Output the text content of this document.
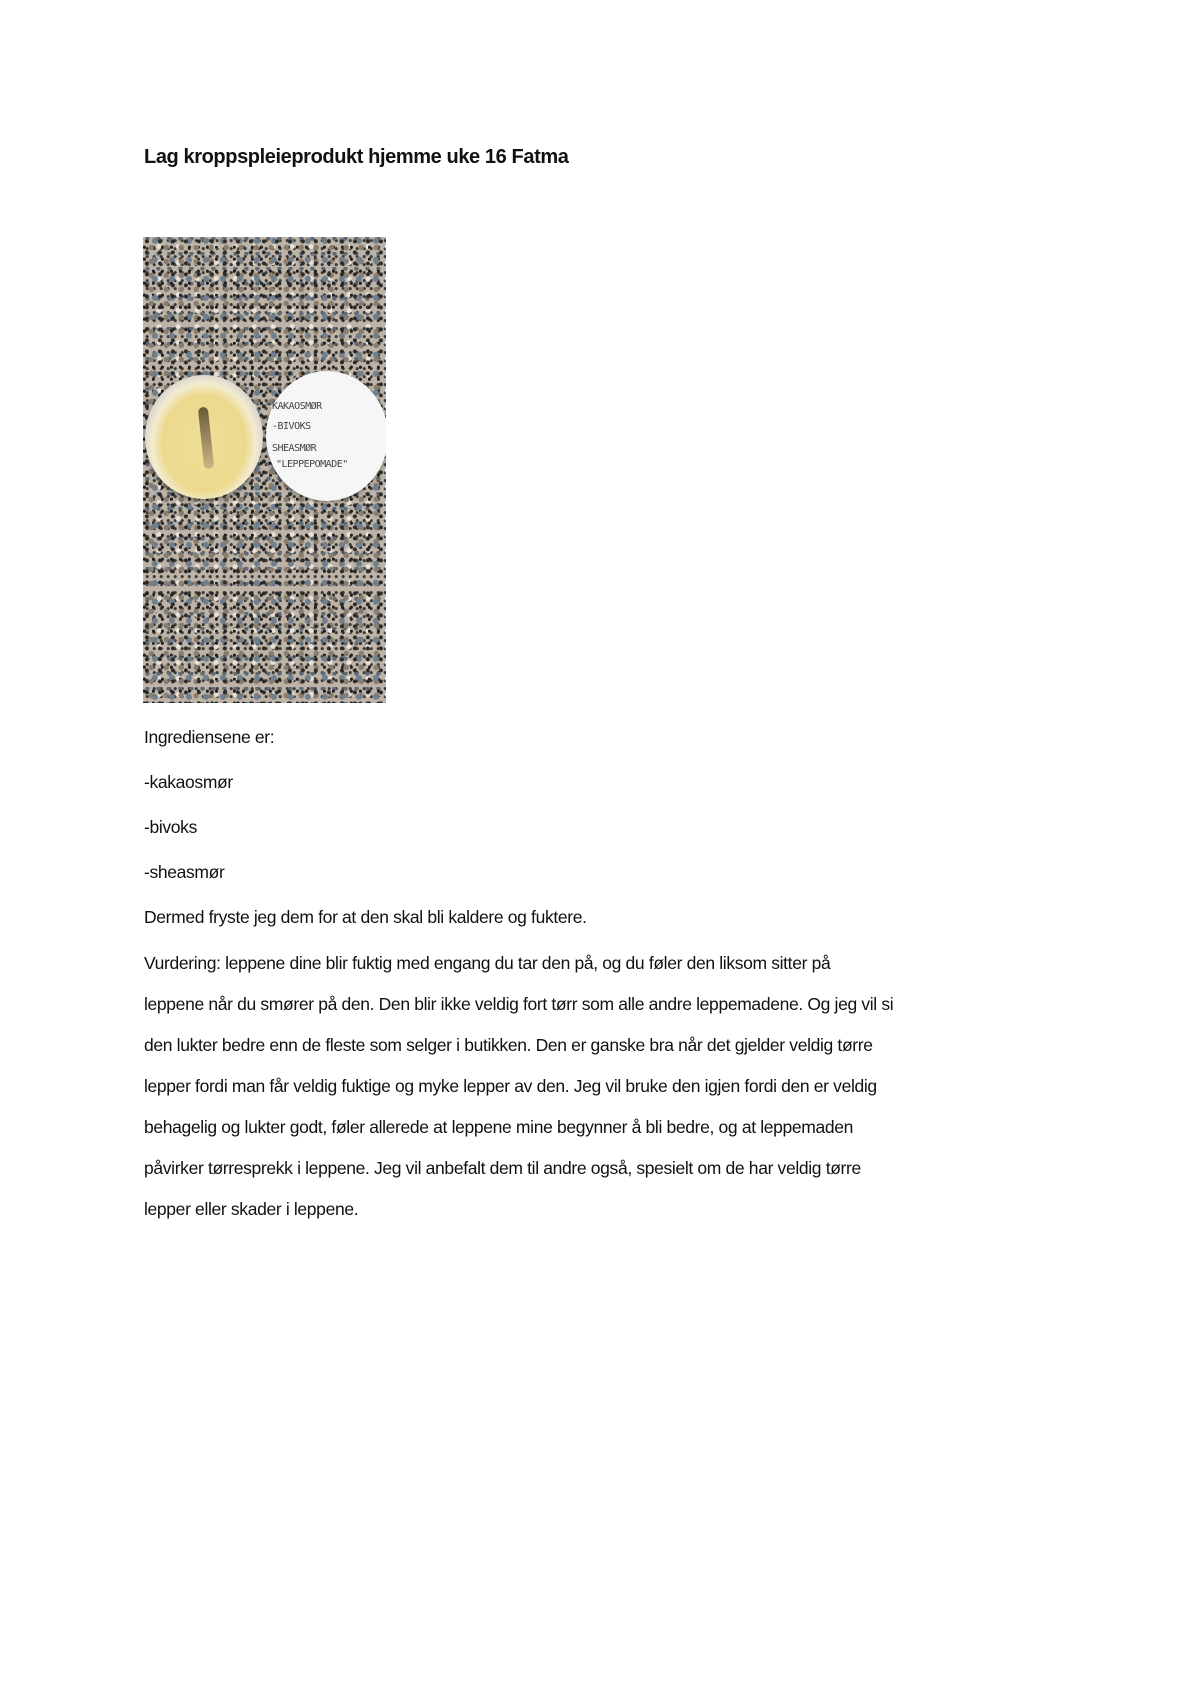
Lag kroppspleieprodukt hjemme uke 16 Fatma
KAKAOSMØR
-BIVOKS
SHEASMØR
"LEPPEPOMADE"
Ingrediensene er:
-kakaosmør
-bivoks
-sheasmør
Dermed fryste jeg dem for at den skal bli kaldere og fuktere.
Vurdering: leppene dine blir fuktig med engang du tar den på, og du føler den liksom sitter på
leppene når du smører på den. Den blir ikke veldig fort tørr som alle andre leppemadene. Og jeg vil si
den lukter bedre enn de fleste som selger i butikken. Den er ganske bra når det gjelder veldig tørre
lepper fordi man får veldig fuktige og myke lepper av den. Jeg vil bruke den igjen fordi den er veldig
behagelig og lukter godt, føler allerede at leppene mine begynner å bli bedre, og at leppemaden
påvirker tørresprekk i leppene. Jeg vil anbefalt dem til andre også, spesielt om de har veldig tørre
lepper eller skader i leppene.
